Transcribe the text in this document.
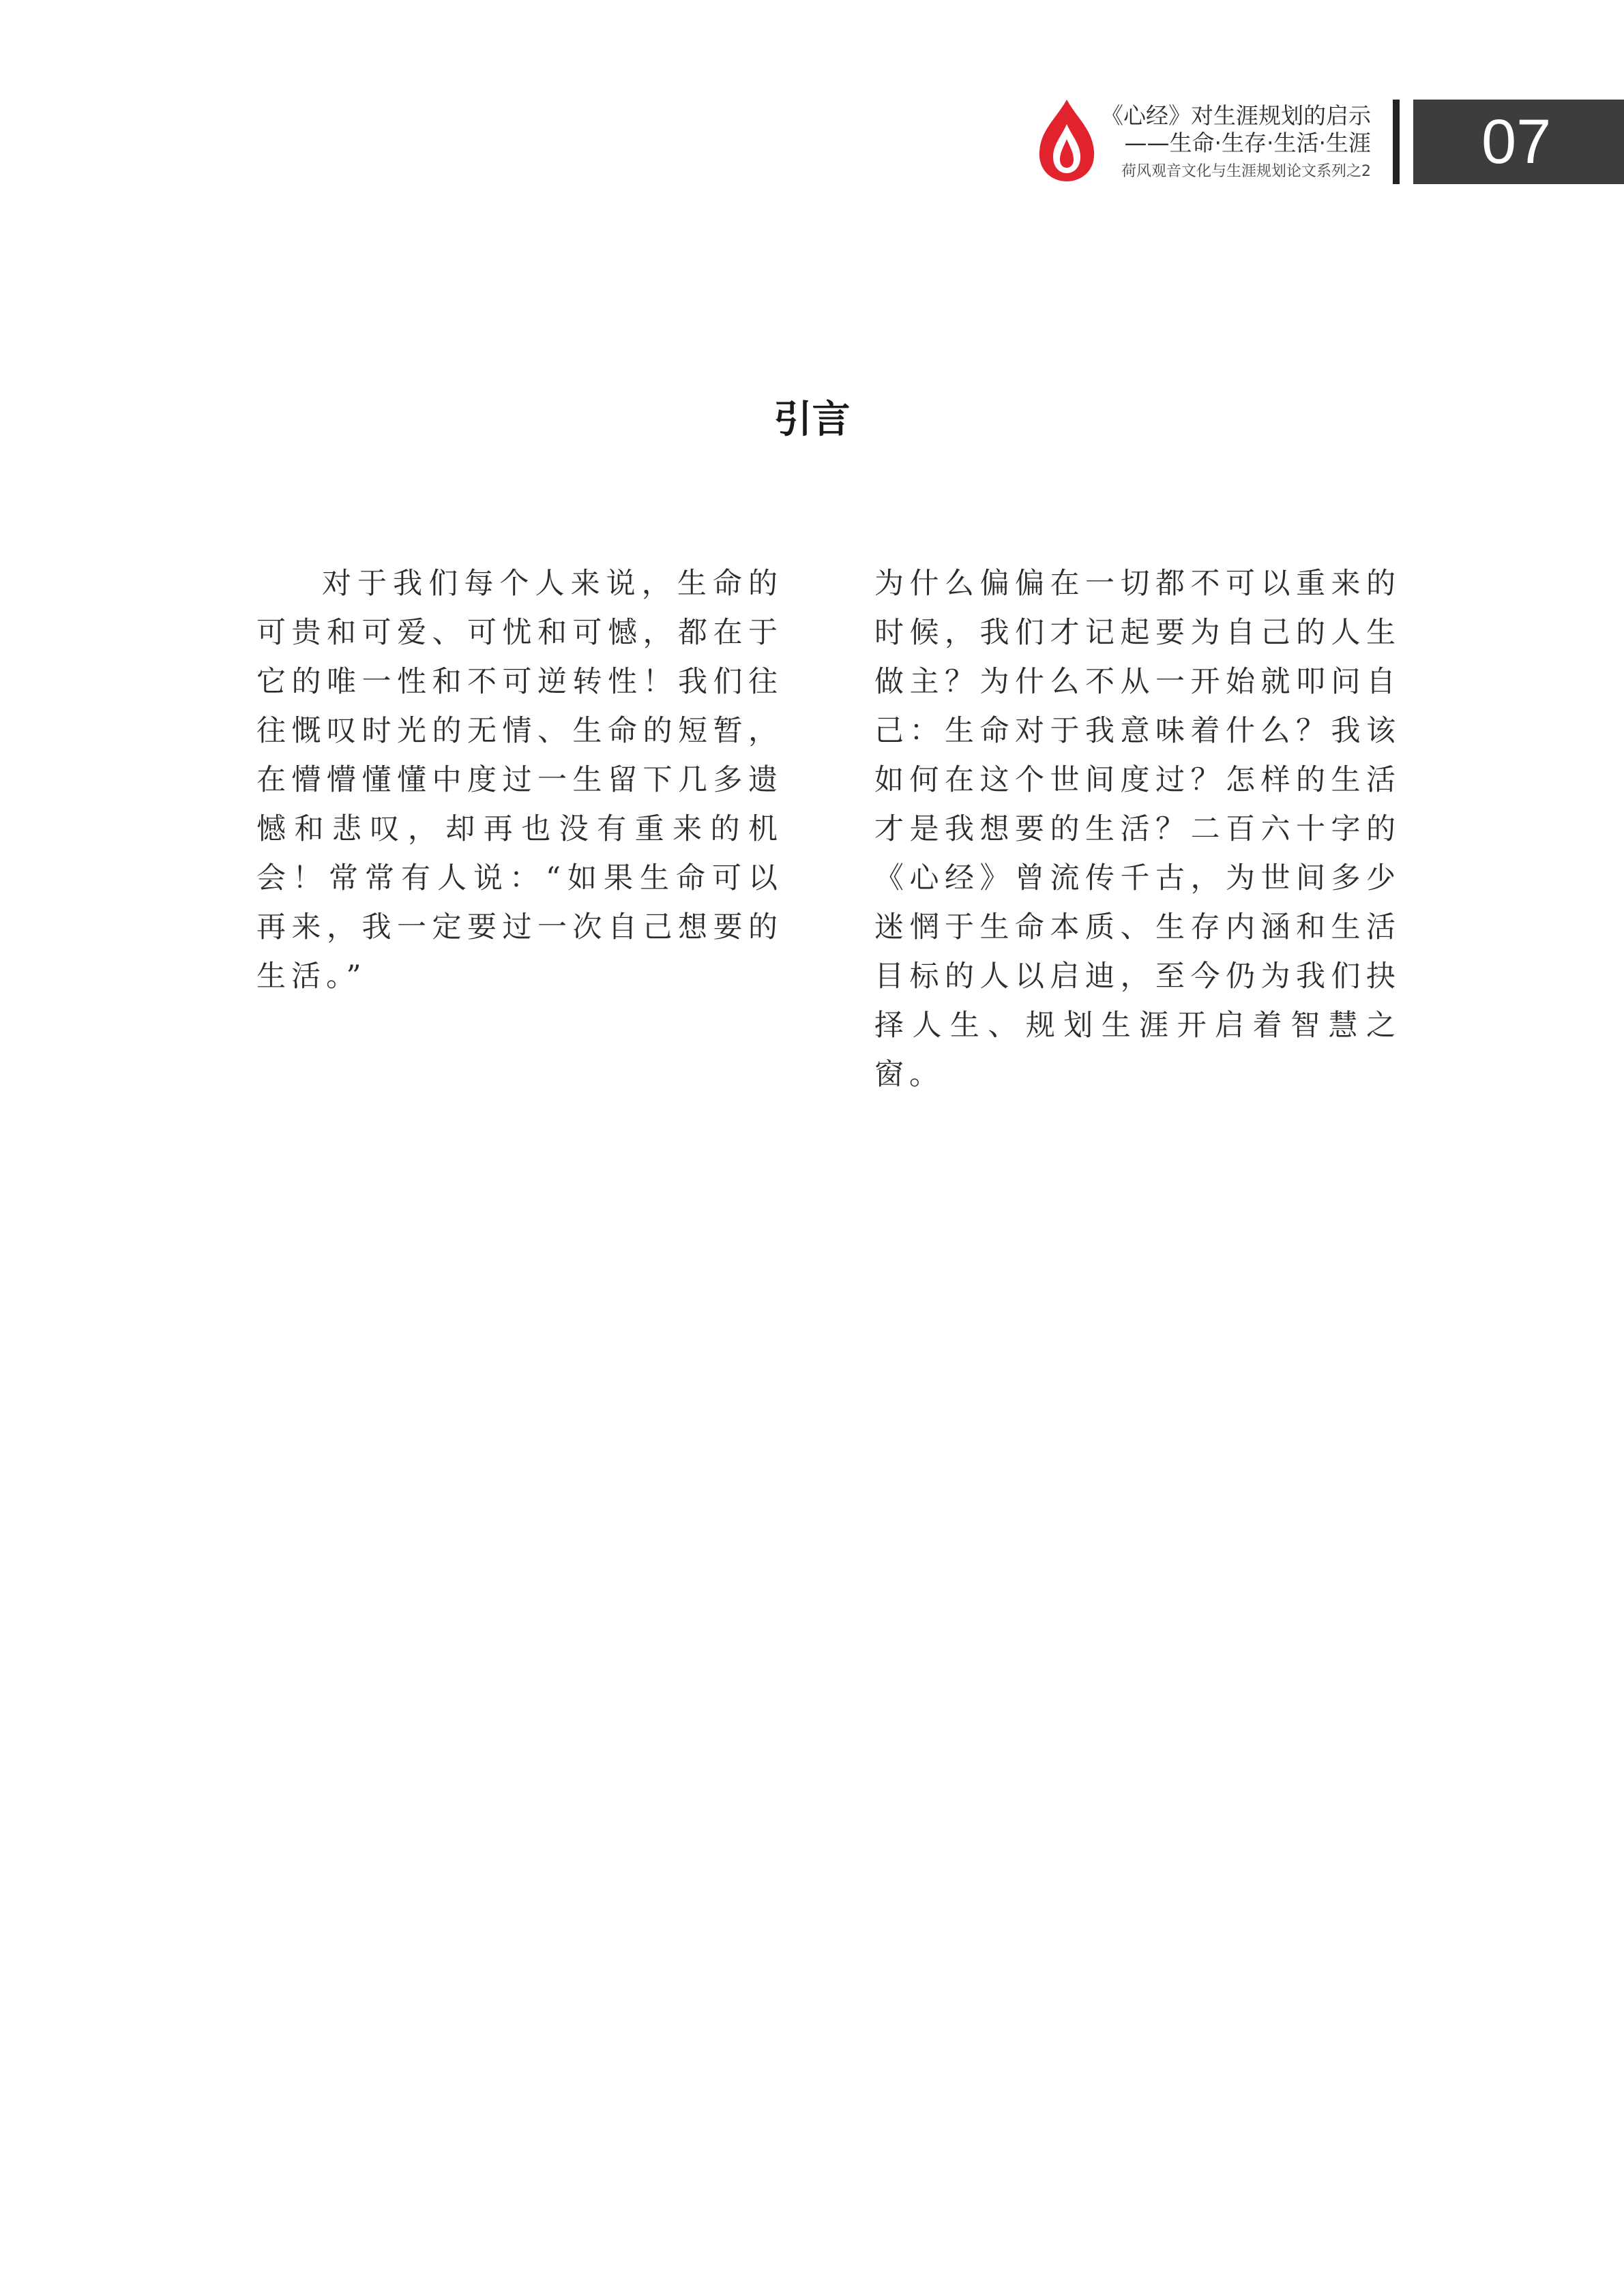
《心经》对生涯规划的启示
——生命·生存·生活·生涯
荷风观音文化与生涯规划论文系列之2	07
引言
对于我们每个人来说，生命的可贵和可爱、可忧和可憾，都在于它的唯一性和不可逆转性！我们往往慨叹时光的无情、生命的短暂，在懵懵懂懂中度过一生留下几多遗憾和悲叹，却再也没有重来的机会！常常有人说：“如果生命可以再来，我一定要过一次自己想要的生活。”
为什么偏偏在一切都不可以重来的时候，我们才记起要为自己的人生做主？为什么不从一开始就叩问自己：生命对于我意味着什么？我该如何在这个世间度过？怎样的生活才是我想要的生活？二百六十字的《心经》曾流传千古，为世间多少迷惘于生命本质、生存内涵和生活目标的人以启迪，至今仍为我们抉择人生、规划生涯开启着智慧之窗。
